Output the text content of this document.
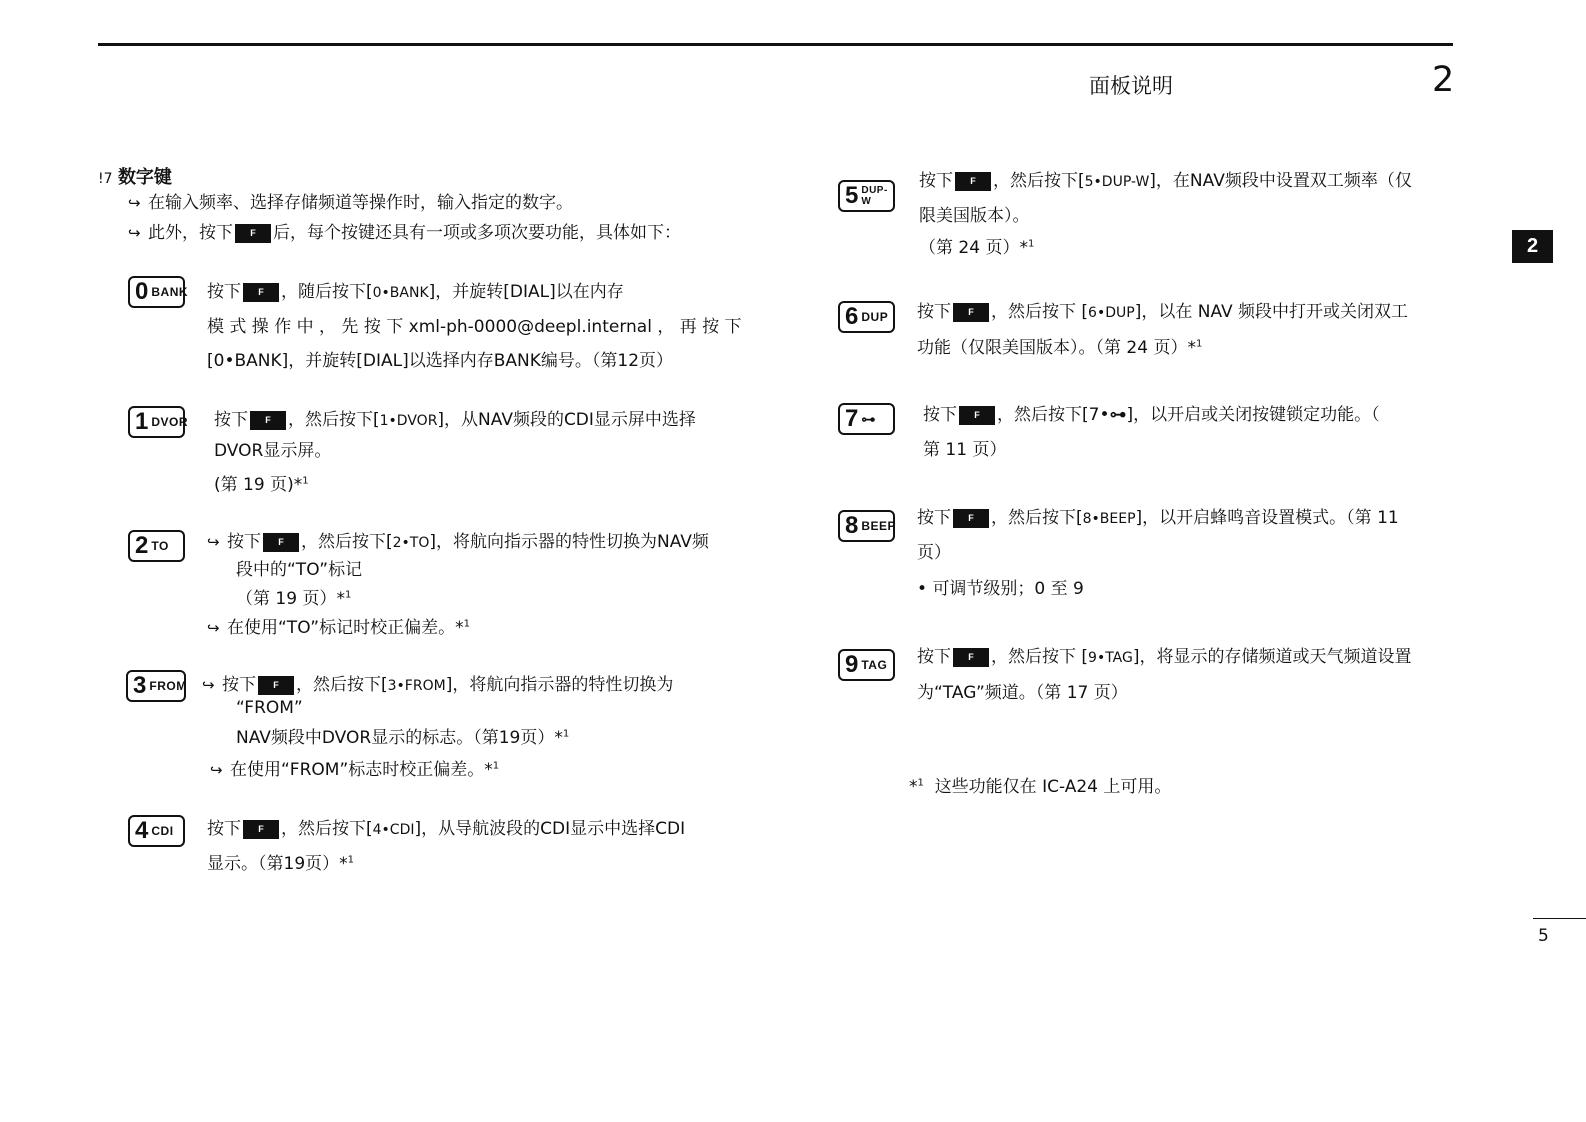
面板说明	2
2
!7 数字键
↪ 在输入频率、选择存储频道等操作时，输入指定的数字。
↪ 此外，按下 F 后，每个按键还具有一项或多项次要功能，具体如下：
0 BANK 按下 F ，随后按下[0•BANK]，并旋转[DIAL]以在内存
模 式 操 作 中 ， 先 按 下 xml-ph-0000@deepl.internal ， 再 按 下
[0•BANK]，并旋转[DIAL]以选择内存BANK编号。（第12页）
1 DVOR 按下 F ，然后按下[1•DVOR]，从NAV频段的CDI显示屏中选择
DVOR显示屏。
(第 19 页)*$^1$
2 TO	↪ 按下 F ，然后按下[2•TO]，将航向指示器的特性切换为NAV频
段中的“TO”标记
（第 19 页）*$^1$
↪ 在使用“TO”标记时校正偏差。*$^1$
3 FROM ↪ 按下 F ，然后按下[3•FROM]，将航向指示器的特性切换为
“FROM”
NAV频段中DVOR显示的标志。（第19页）*$^1$
↪ 在使用“FROM”标志时校正偏差。*$^1$
4 CDI 按下 F ，然后按下[4•CDI]，从导航波段的CDI显示中选择CDI
显示。（第19页）*$^1$
5 DUP-W
按下 F ，然后按下[5•DUP-W]，在NAV频段中设置双工频率（仅
限美国版本）。
（第 24 页）*$^1$
6 DUP 按下 F ，然后按下 [6•DUP]，以在 NAV 频段中打开或关闭双工
功能（仅限美国版本）。（第 24 页）*$^1$
7 ⊶	按下 F ，然后按下[7•⊶]，以开启或关闭按键锁定功能。（
第 11 页）
8 BEEP 按下 F ，然后按下[8•BEEP]，以开启蜂鸣音设置模式。（第 11
页）
• 可调节级别；0 至 9
9 TAG 按下 F ，然后按下 [9•TAG]，将显示的存储频道或天气频道设置
为“TAG”频道。（第 17 页）
*$^1$ 这些功能仅在 IC-A24 上可用。
5
